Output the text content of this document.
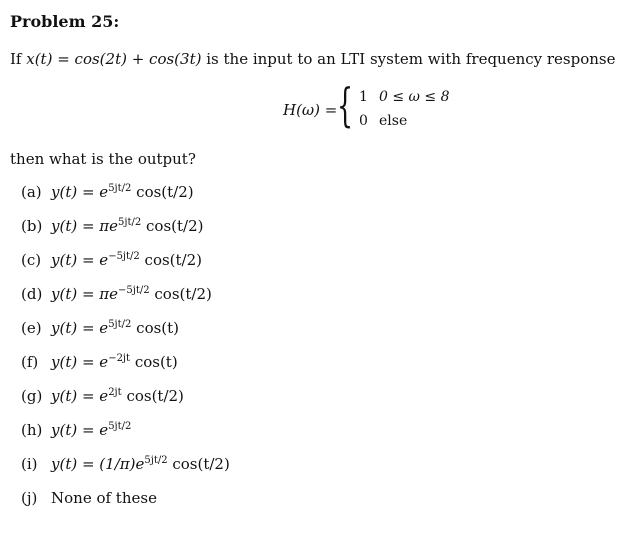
Problem 25:
If x(t) = cos(2t) + cos(3t) is the input to an LTI system with frequency response
H(ω) = { 1 0 ≤ ω ≤ 8
0 else
then what is the output?
(a) $y(t) = e^{5jt/2}$ cos(t/2)
(b) $y(t) = \pi e^{5jt/2}$ cos(t/2)
(c) $y(t) = e^{-5jt/2}$ cos(t/2)
(d) $y(t) = \pi e^{-5jt/2}$ cos(t/2)
(e) $y(t) = e^{5jt/2}$ cos(t)
(f) $y(t) = e^{-2jt}$ cos(t)
(g) $y(t) = e^{2jt}$ cos(t/2)
(h) $y(t) = e^{5jt/2}$
(i) $y(t) = (1/\pi)e^{5jt/2}$ cos(t/2)
(j) None of these
